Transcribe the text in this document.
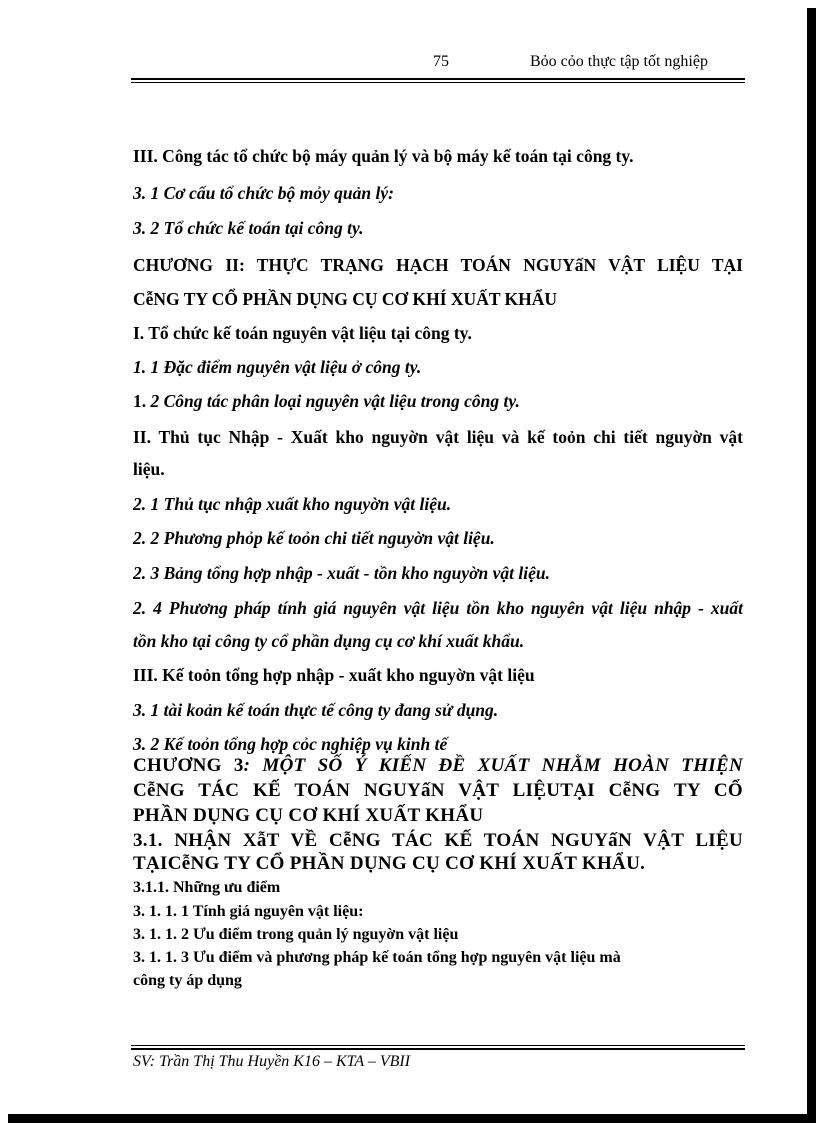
75	Bỏo cỏo thực tập tốt nghiệp
III. Công tác tổ chức bộ máy quản lý và bộ máy kế toán tại công ty.
3. 1 Cơ cấu tổ chức bộ mỏy quản lý:
3. 2 Tổ chức kế toán tại công ty.
CHƯƠNG II: THỰC TRẠNG HẠCH TOÁN NGUYấN VẬT LIỆU TẠI
CễNG TY CỔ PHẦN DỤNG CỤ CƠ KHÍ XUẤT KHẨU
I. Tổ chức kế toán nguyên vật liệu tại công ty.
1. 1 Đặc điểm nguyên vật liệu ở công ty.
1. 2 Công tác phân loại nguyên vật liệu trong công ty.
II. Thủ tục Nhập - Xuất kho nguyờn vật liệu và kế toỏn chi tiết nguyờn vật
liệu.
2. 1 Thủ tục nhập xuất kho nguyờn vật liệu.
2. 2 Phương phỏp kế toỏn chi tiết nguyờn vật liệu.
2. 3 Bảng tổng hợp nhập - xuất - tồn kho nguyờn vật liệu.
2. 4 Phương pháp tính giá nguyên vật liệu tồn kho nguyên vật liệu nhập - xuất
tồn kho tại công ty cổ phần dụng cụ cơ khí xuất khẩu.
III. Kế toỏn tổng hợp nhập - xuất kho nguyờn vật liệu
3. 1 tài koản kế toán thực tế công ty đang sử dụng.
3. 2 Kế toỏn tổng hợp cỏc nghiệp vụ kinh tế
CHƯƠNG 3: MỘT SỐ Ý KIẾN ĐỀ XUẤT NHẰM HOÀN THIỆN
CễNG TÁC KẾ TOÁN NGUYấN VẬT LIỆUTẠI CễNG TY CỔ
PHẦN DỤNG CỤ CƠ KHÍ XUẤT KHẨU
3.1. NHẬN XẫT VỀ CễNG TÁC KẾ TOÁN NGUYấN VẬT LIỆU
TẠICễNG TY CỔ PHẦN DỤNG CỤ CƠ KHÍ XUẤT KHẨU.
3.1.1. Những ưu điểm
3. 1. 1. 1 Tính giá nguyên vật liệu:
3. 1. 1. 2 Ưu điểm trong quản lý nguyờn vật liệu
3. 1. 1. 3 Ưu điểm và phương pháp kế toán tổng hợp nguyên vật liệu mà
công ty áp dụng
SV: Trần Thị Thu Huyền K16 – KTA – VBII
